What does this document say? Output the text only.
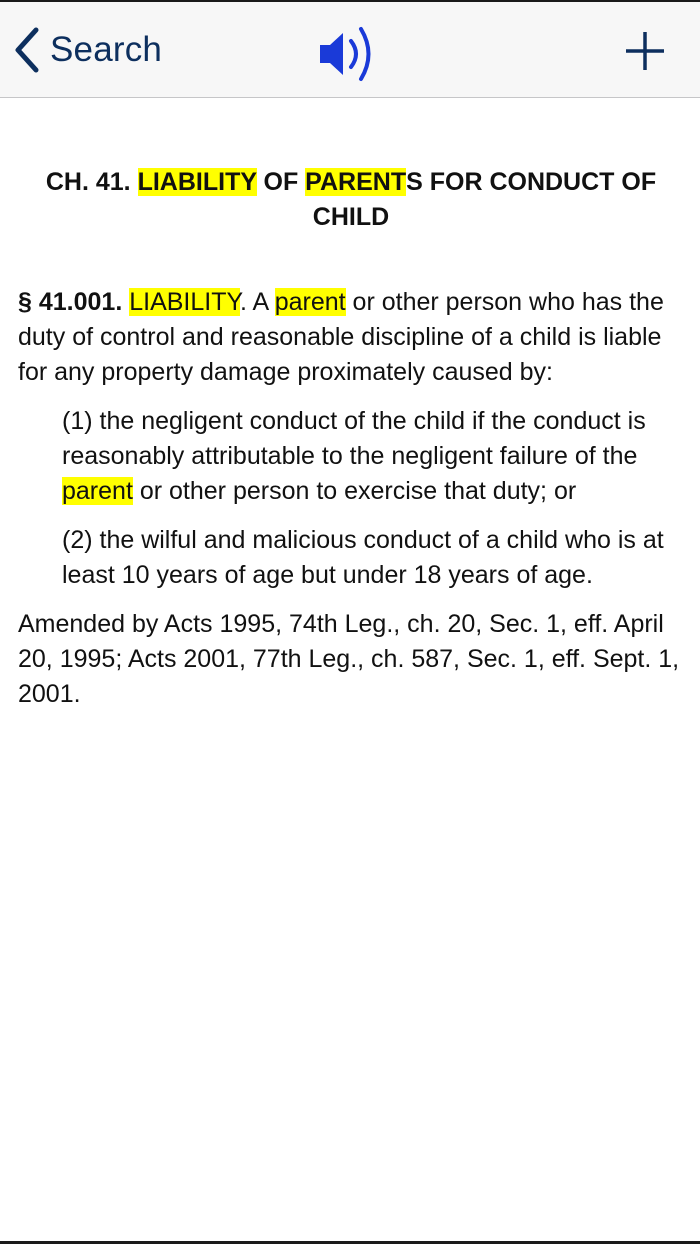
Search
CH. 41. LIABILITY OF PARENTS FOR CONDUCT OF CHILD

§ 41.001. LIABILITY. A parent or other person who has the duty of control and reasonable discipline of a child is liable for any property damage proximately caused by:

(1) the negligent conduct of the child if the conduct is reasonably attributable to the negligent failure of the parent or other person to exercise that duty; or

(2) the wilful and malicious conduct of a child who is at least 10 years of age but under 18 years of age.

Amended by Acts 1995, 74th Leg., ch. 20, Sec. 1, eff. April 20, 1995; Acts 2001, 77th Leg., ch. 587, Sec. 1, eff. Sept. 1, 2001.
